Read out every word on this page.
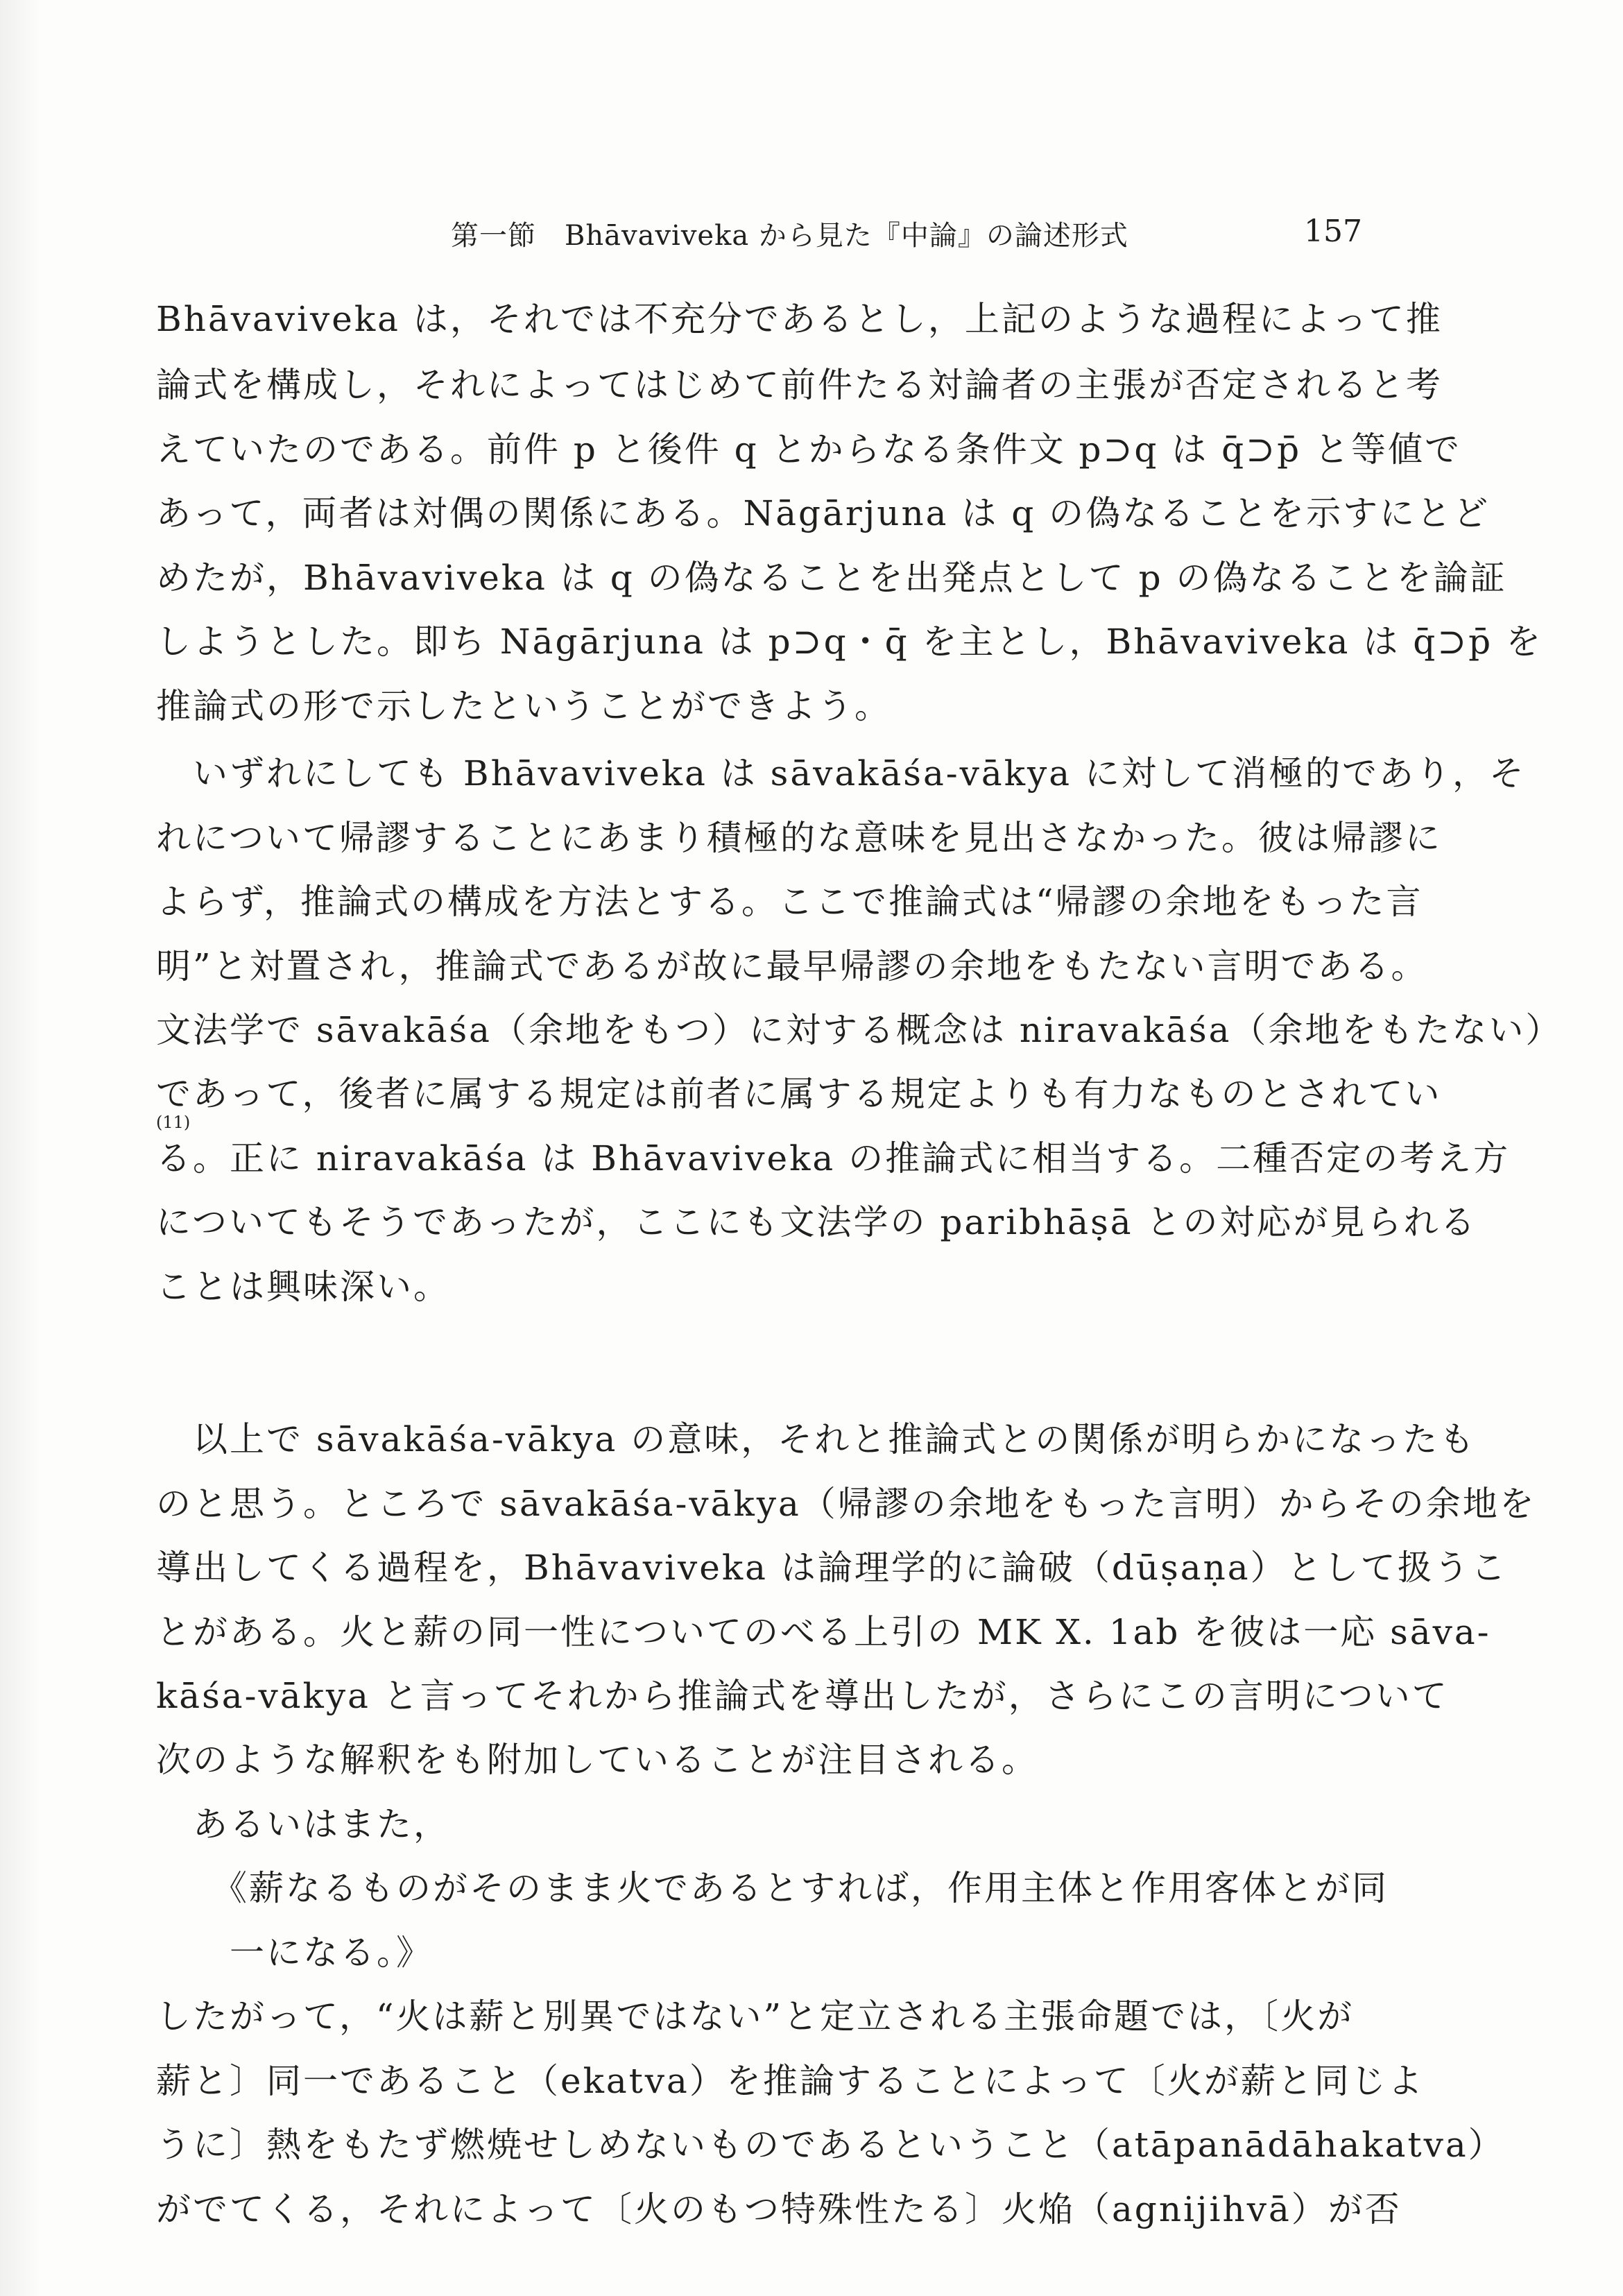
第一節　Bhāvaviveka から見た『中論』の論述形式	157
Bhāvaviveka は，それでは不充分であるとし，上記のような過程によって推
論式を構成し，それによってはじめて前件たる対論者の主張が否定されると考
えていたのである。前件 p と後件 q とからなる条件文 p⊃q は q̄⊃p̄ と等値で
あって，両者は対偶の関係にある。Nāgārjuna は q の偽なることを示すにとど
めたが，Bhāvaviveka は q の偽なることを出発点として p の偽なることを論証
しようとした。即ち Nāgārjuna は p⊃q・q̄ を主とし，Bhāvaviveka は q̄⊃p̄ を
推論式の形で示したということができよう。
　いずれにしても Bhāvaviveka は sāvakāśa-vākya に対して消極的であり，そ
れについて帰謬することにあまり積極的な意味を見出さなかった。彼は帰謬に
よらず，推論式の構成を方法とする。ここで推論式は“帰謬の余地をもった言
明”と対置され，推論式であるが故に最早帰謬の余地をもたない言明である。
文法学で sāvakāśa（余地をもつ）に対する概念は niravakāśa（余地をもたない）
であって，後者に属する規定は前者に属する規定よりも有力なものとされてい
(11)
る。正に niravakāśa は Bhāvaviveka の推論式に相当する。二種否定の考え方
についてもそうであったが，ここにも文法学の paribhāṣā との対応が見られる
ことは興味深い。
　以上で sāvakāśa-vākya の意味，それと推論式との関係が明らかになったも
のと思う。ところで sāvakāśa-vākya（帰謬の余地をもった言明）からその余地を
導出してくる過程を，Bhāvaviveka は論理学的に論破（dūṣaṇa）として扱うこ
とがある。火と薪の同一性についてのべる上引の MK X. 1ab を彼は一応 sāva-
kāśa-vākya と言ってそれから推論式を導出したが，さらにこの言明について
次のような解釈をも附加していることが注目される。
　あるいはまた，
　　《薪なるものがそのまま火であるとすれば，作用主体と作用客体とが同
　　一になる。》
したがって，“火は薪と別異ではない”と定立される主張命題では，〔火が
薪と〕同一であること（ekatva）を推論することによって〔火が薪と同じよ
うに〕熱をもたず燃焼せしめないものであるということ（atāpanādāhakatva）
がでてくる，それによって〔火のもつ特殊性たる〕火焔（agnijihvā）が否
